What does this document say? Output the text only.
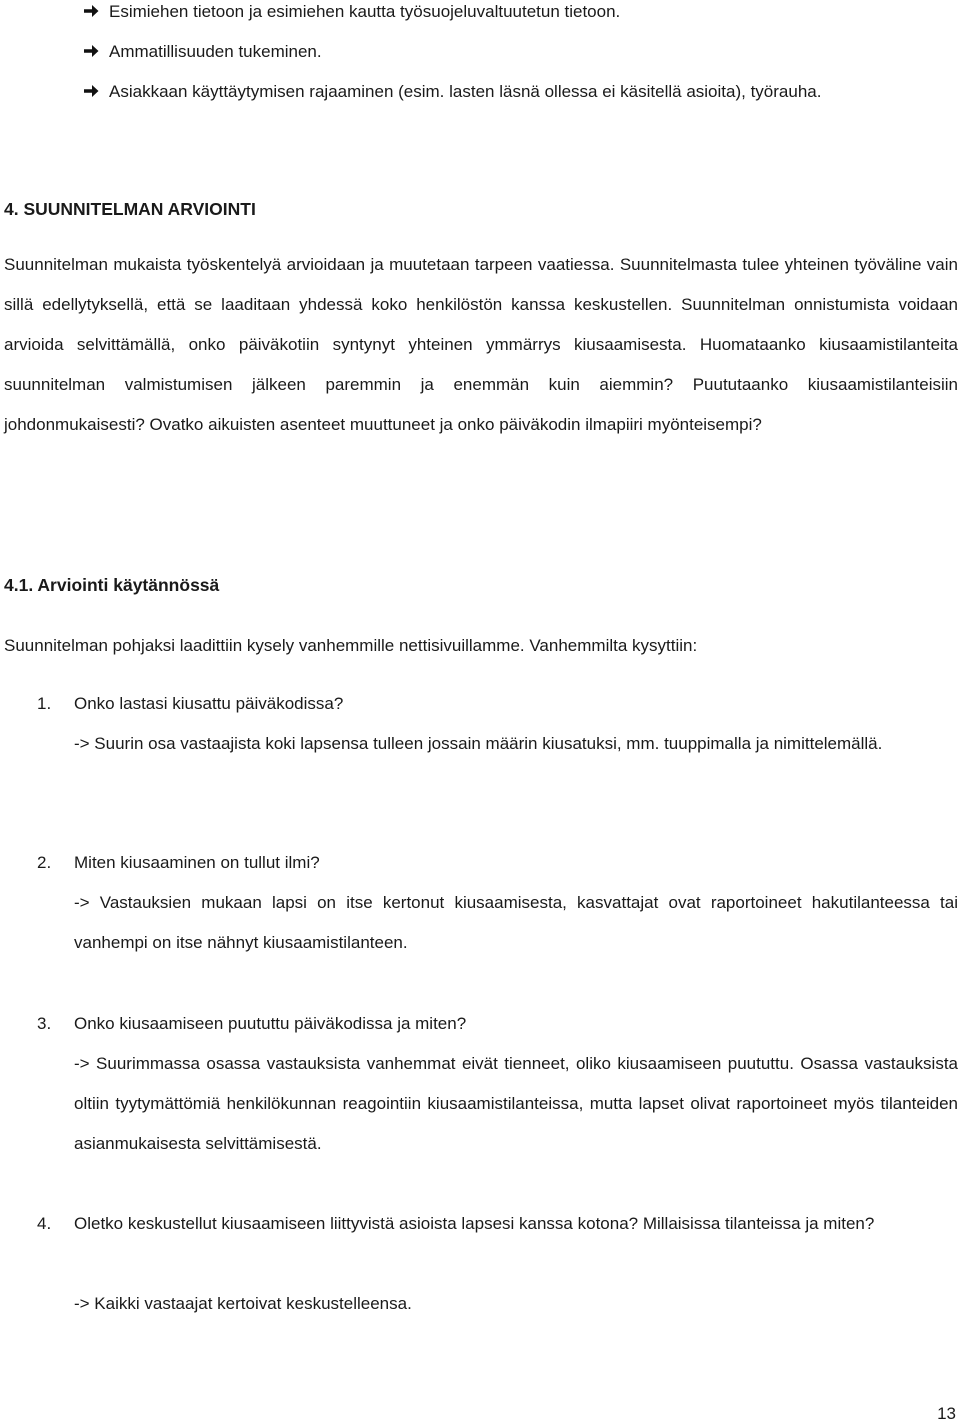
Esimiehen tietoon ja esimiehen kautta työsuojeluvaltuutetun tietoon.
Ammatillisuuden tukeminen.
Asiakkaan käyttäytymisen rajaaminen (esim. lasten läsnä ollessa ei käsitellä asioita), työrauha.
4. SUUNNITELMAN ARVIOINTI
Suunnitelman mukaista työskentelyä arvioidaan ja muutetaan tarpeen vaatiessa. Suunnitelmasta tulee yhteinen työväline vain sillä edellytyksellä, että se laaditaan yhdessä koko henkilöstön kanssa keskustellen. Suunnitelman onnistumista voidaan arvioida selvittämällä, onko päiväkotiin syntynyt yhteinen ymmärrys kiusaamisesta. Huomataanko kiusaamistilanteita suunnitelman valmistumisen jälkeen paremmin ja enemmän kuin aiemmin? Puututaanko kiusaamistilanteisiin johdonmukaisesti? Ovatko aikuisten asenteet muuttuneet ja onko päiväkodin ilmapiiri myönteisempi?
4.1. Arviointi käytännössä
Suunnitelman pohjaksi laadittiin kysely vanhemmille nettisivuillamme. Vanhemmilta kysyttiin:
1. Onko lastasi kiusattu päiväkodissa?
-> Suurin osa vastaajista koki lapsensa tulleen jossain määrin kiusatuksi, mm. tuuppimalla ja nimittelemällä.
2. Miten kiusaaminen on tullut ilmi?
-> Vastauksien mukaan lapsi on itse kertonut kiusaamisesta, kasvattajat ovat raportoineet hakutilanteessa tai vanhempi on itse nähnyt kiusaamistilanteen.
3. Onko kiusaamiseen puututtu päiväkodissa ja miten?
-> Suurimmassa osassa vastauksista vanhemmat eivät tienneet, oliko kiusaamiseen puututtu. Osassa vastauksista oltiin tyytymättömiä henkilökunnan reagointiin kiusaamistilanteissa, mutta lapset olivat raportoineet myös tilanteiden asianmukaisesta selvittämisestä.
4. Oletko keskustellut kiusaamiseen liittyvistä asioista lapsesi kanssa kotona? Millaisissa tilanteissa ja miten?
-> Kaikki vastaajat kertoivat keskustelleensa.
13
